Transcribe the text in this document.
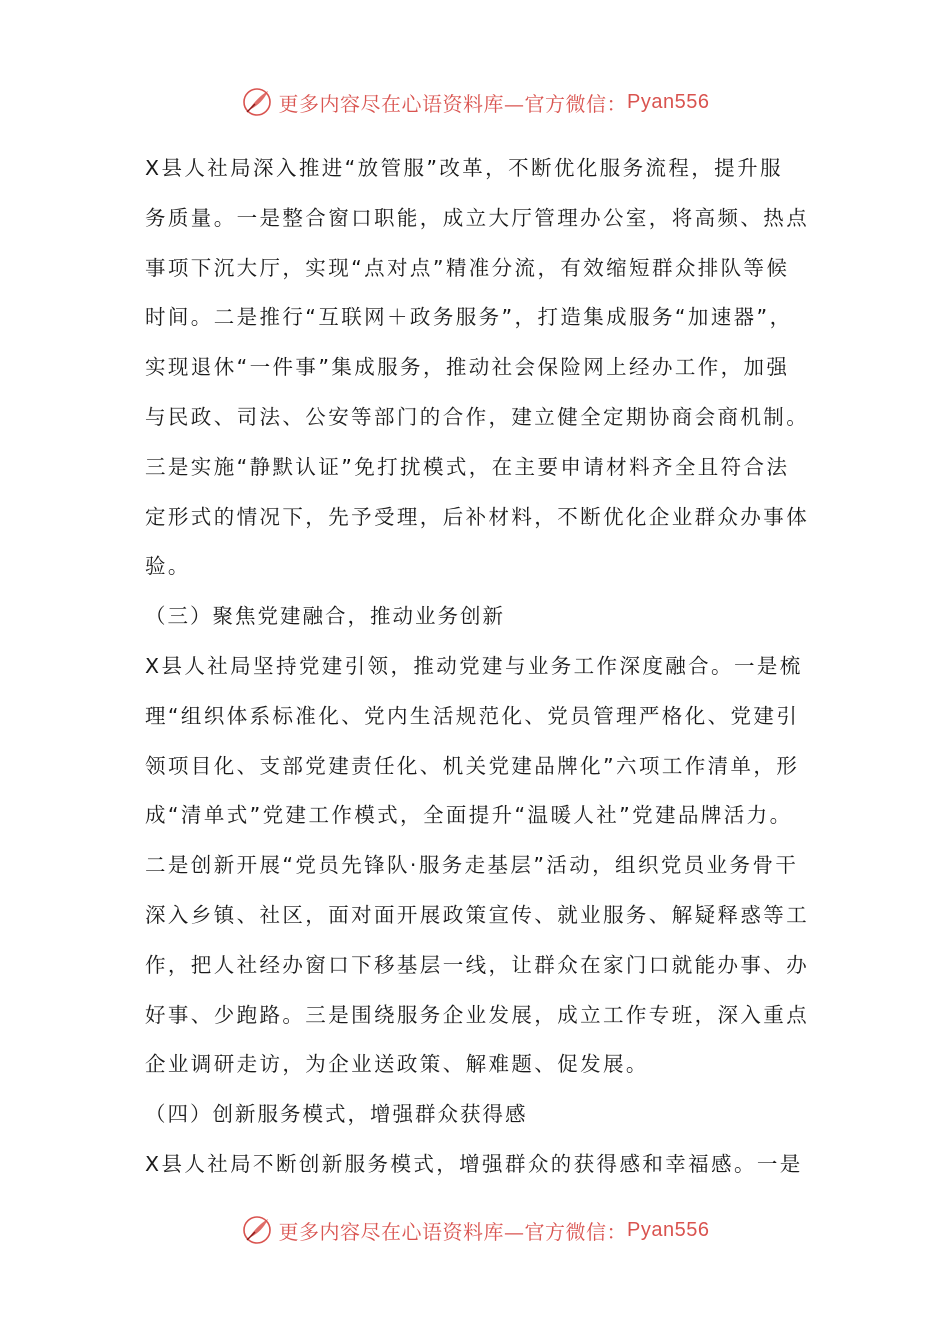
更多内容尽在心语资料库—官方微信： Pyan556
X县人社局深入推进“放管服”改革，不断优化服务流程，提升服
务质量。一是整合窗口职能，成立大厅管理办公室，将高频、热点
事项下沉大厅，实现“点对点”精准分流，有效缩短群众排队等候
时间。二是推行“互联网＋政务服务”，打造集成服务“加速器”，
实现退休“一件事”集成服务，推动社会保险网上经办工作，加强
与民政、司法、公安等部门的合作，建立健全定期协商会商机制。
三是实施“静默认证”免打扰模式，在主要申请材料齐全且符合法
定形式的情况下，先予受理，后补材料，不断优化企业群众办事体
验。
（三）聚焦党建融合，推动业务创新
X县人社局坚持党建引领，推动党建与业务工作深度融合。一是梳
理“组织体系标准化、党内生活规范化、党员管理严格化、党建引
领项目化、支部党建责任化、机关党建品牌化”六项工作清单，形
成“清单式”党建工作模式，全面提升“温暖人社”党建品牌活力。
二是创新开展“党员先锋队·服务走基层”活动，组织党员业务骨干
深入乡镇、社区，面对面开展政策宣传、就业服务、解疑释惑等工
作，把人社经办窗口下移基层一线，让群众在家门口就能办事、办
好事、少跑路。三是围绕服务企业发展，成立工作专班，深入重点
企业调研走访，为企业送政策、解难题、促发展。
（四）创新服务模式，增强群众获得感
X县人社局不断创新服务模式，增强群众的获得感和幸福感。一是
更多内容尽在心语资料库—官方微信： Pyan556
